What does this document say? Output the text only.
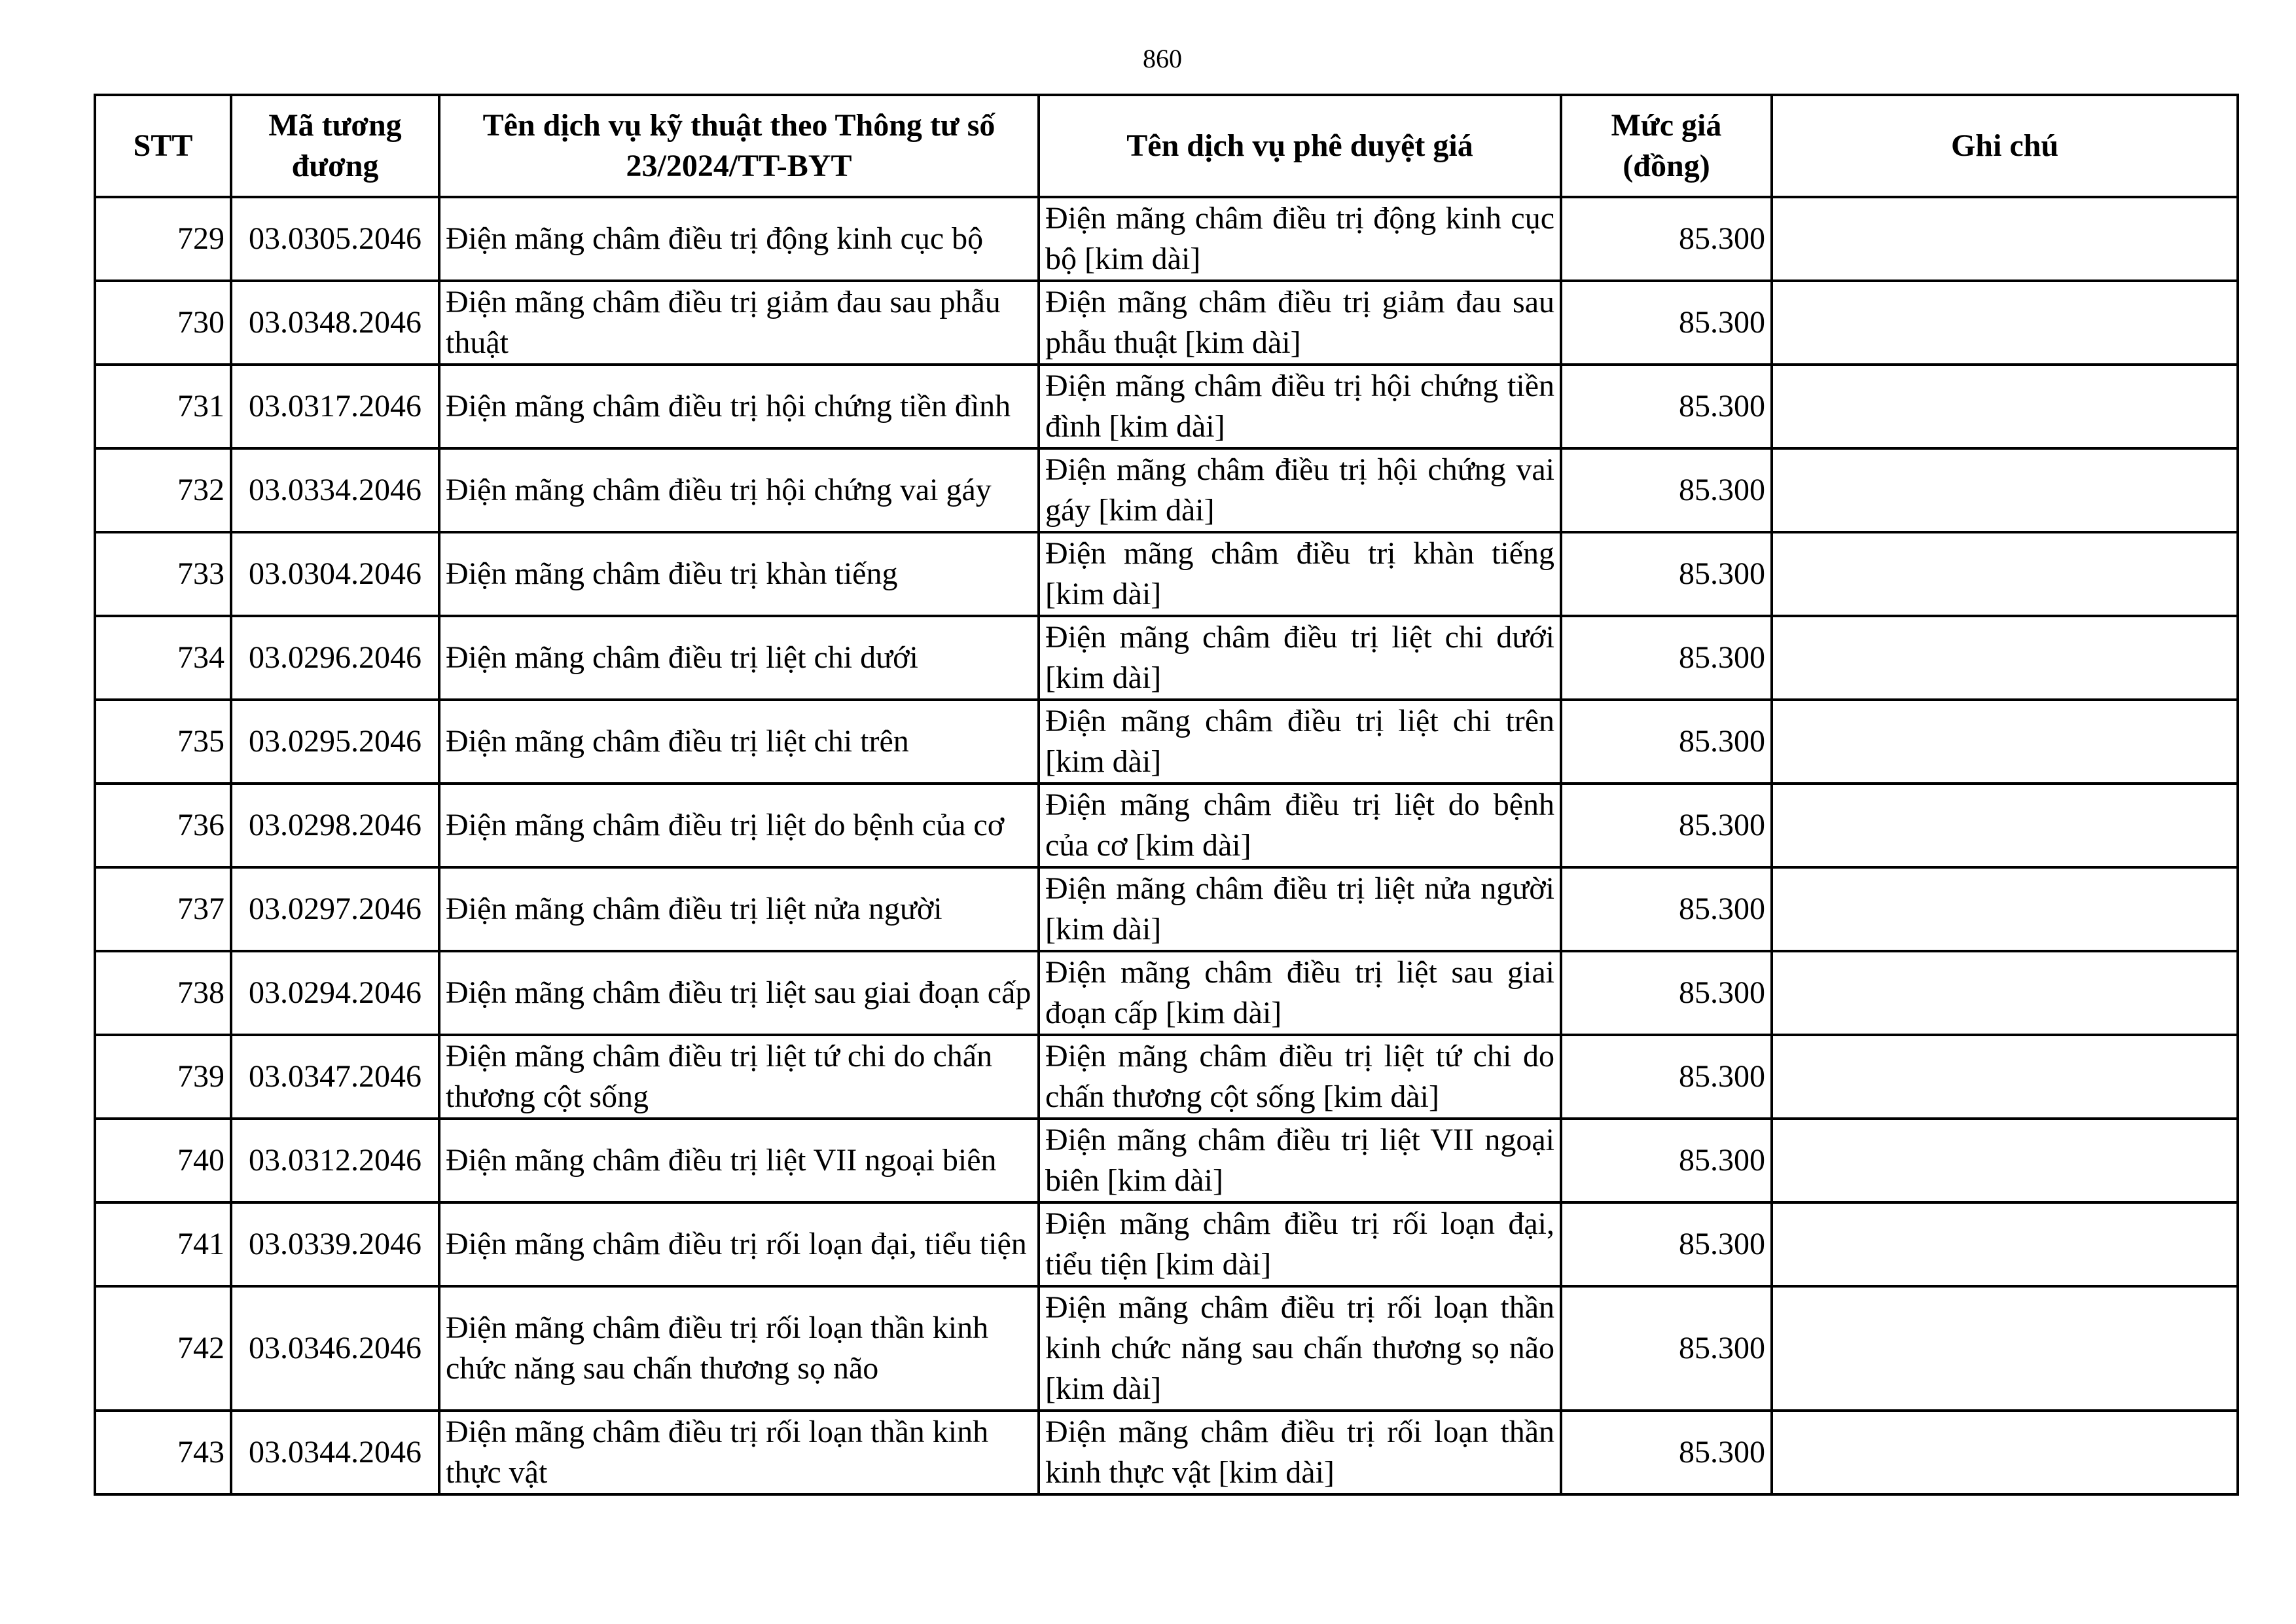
860
STT	Mã tương đương	Tên dịch vụ kỹ thuật theo Thông tư số 23/2024/TT-BYT	Tên dịch vụ phê duyệt giá	Mức giá (đồng)	Ghi chú
729	03.0305.2046	Điện mãng châm điều trị động kinh cục bộ	Điện mãng châm điều trị động kinh cục bộ [kim dài]	85.300	
730	03.0348.2046	Điện mãng châm điều trị giảm đau sau phẫu thuật	Điện mãng châm điều trị giảm đau sau phẫu thuật [kim dài]	85.300	
731	03.0317.2046	Điện mãng châm điều trị hội chứng tiền đình	Điện mãng châm điều trị hội chứng tiền đình [kim dài]	85.300	
732	03.0334.2046	Điện mãng châm điều trị hội chứng vai gáy	Điện mãng châm điều trị hội chứng vai gáy [kim dài]	85.300	
733	03.0304.2046	Điện mãng châm điều trị khàn tiếng	Điện mãng châm điều trị khàn tiếng [kim dài]	85.300	
734	03.0296.2046	Điện mãng châm điều trị liệt chi dưới	Điện mãng châm điều trị liệt chi dưới [kim dài]	85.300	
735	03.0295.2046	Điện mãng châm điều trị liệt chi trên	Điện mãng châm điều trị liệt chi trên [kim dài]	85.300	
736	03.0298.2046	Điện mãng châm điều trị liệt do bệnh của cơ	Điện mãng châm điều trị liệt do bệnh của cơ [kim dài]	85.300	
737	03.0297.2046	Điện mãng châm điều trị liệt nửa người	Điện mãng châm điều trị liệt nửa người [kim dài]	85.300	
738	03.0294.2046	Điện mãng châm điều trị liệt sau giai đoạn cấp	Điện mãng châm điều trị liệt sau giai đoạn cấp [kim dài]	85.300	
739	03.0347.2046	Điện mãng châm điều trị liệt tứ chi do chấn thương cột sống	Điện mãng châm điều trị liệt tứ chi do chấn thương cột sống [kim dài]	85.300	
740	03.0312.2046	Điện mãng châm điều trị liệt VII ngoại biên	Điện mãng châm điều trị liệt VII ngoại biên [kim dài]	85.300	
741	03.0339.2046	Điện mãng châm điều trị rối loạn đại, tiểu tiện	Điện mãng châm điều trị rối loạn đại, tiểu tiện [kim dài]	85.300	
742	03.0346.2046	Điện mãng châm điều trị rối loạn thần kinh chức năng sau chấn thương sọ não	Điện mãng châm điều trị rối loạn thần kinh chức năng sau chấn thương sọ não [kim dài]	85.300	
743	03.0344.2046	Điện mãng châm điều trị rối loạn thần kinh thực vật	Điện mãng châm điều trị rối loạn thần kinh thực vật [kim dài]	85.300	
